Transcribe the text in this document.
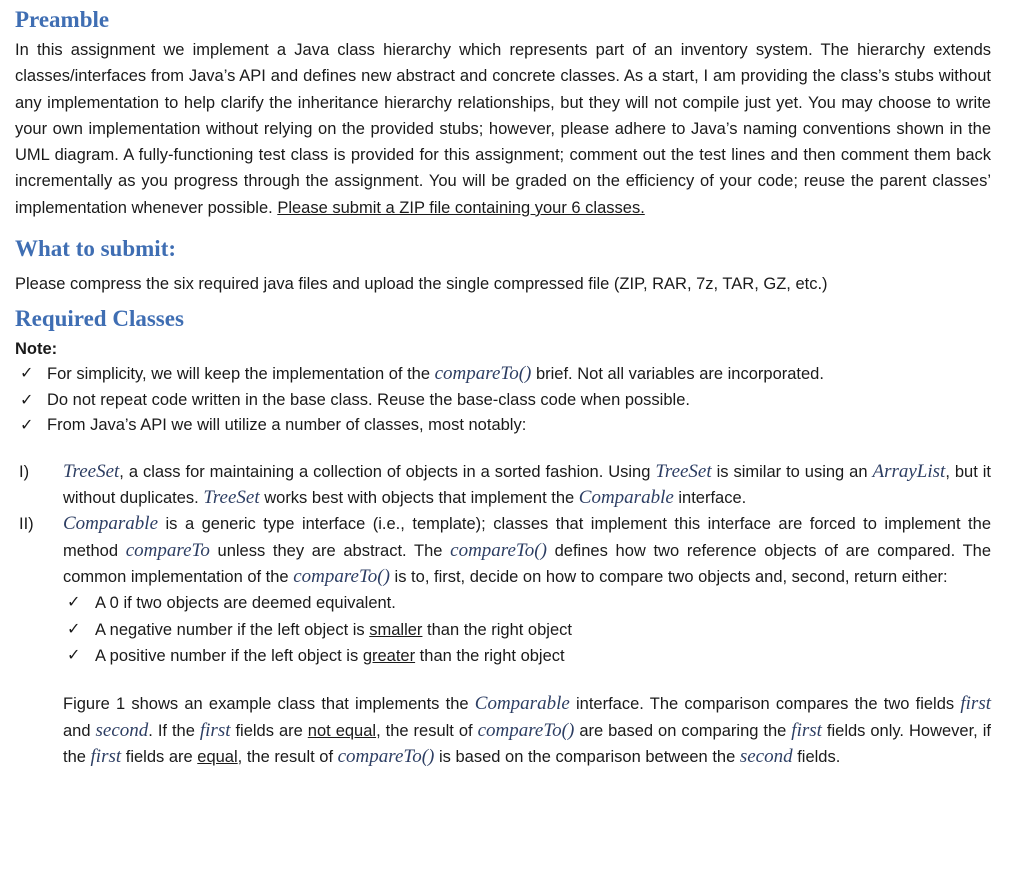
Preamble

In this assignment we implement a Java class hierarchy which represents part of an inventory system. The hierarchy extends classes/interfaces from Java’s API and defines new abstract and concrete classes. As a start, I am providing the class’s stubs without any implementation to help clarify the inheritance hierarchy relationships, but they will not compile just yet. You may choose to write your own implementation without relying on the provided stubs; however, please adhere to Java’s naming conventions shown in the UML diagram. A fully-functioning test class is provided for this assignment; comment out the test lines and then comment them back incrementally as you progress through the assignment. You will be graded on the efficiency of your code; reuse the parent classes’ implementation whenever possible. Please submit a ZIP file containing your 6 classes.

What to submit:

Please compress the six required java files and upload the single compressed file (ZIP, RAR, 7z, TAR, GZ, etc.)

Required Classes
Note:
✓ For simplicity, we will keep the implementation of the compareTo() brief. Not all variables are incorporated.
✓ Do not repeat code written in the base class. Reuse the base-class code when possible.
✓ From Java’s API we will utilize a number of classes, most notably:
I) TreeSet, a class for maintaining a collection of objects in a sorted fashion. Using TreeSet is similar to using an ArrayList, but it without duplicates. TreeSet works best with objects that implement the Comparable interface.

II) Comparable is a generic type interface (i.e., template); classes that implement this interface are forced to implement the method compareTo unless they are abstract. The compareTo() defines how two reference objects of are compared. The common implementation of the compareTo() is to, first, decide on how to compare two objects and, second, return either:

✓ A 0 if two objects are deemed equivalent.
✓ A negative number if the left object is smaller than the right object
✓ A positive number if the left object is greater than the right object

Figure 1 shows an example class that implements the Comparable interface. The comparison compares the two fields first and second. If the first fields are not equal, the result of compareTo() are based on comparing the first fields only. However, if the first fields are equal, the result of compareTo() is based on the comparison between the second fields.
